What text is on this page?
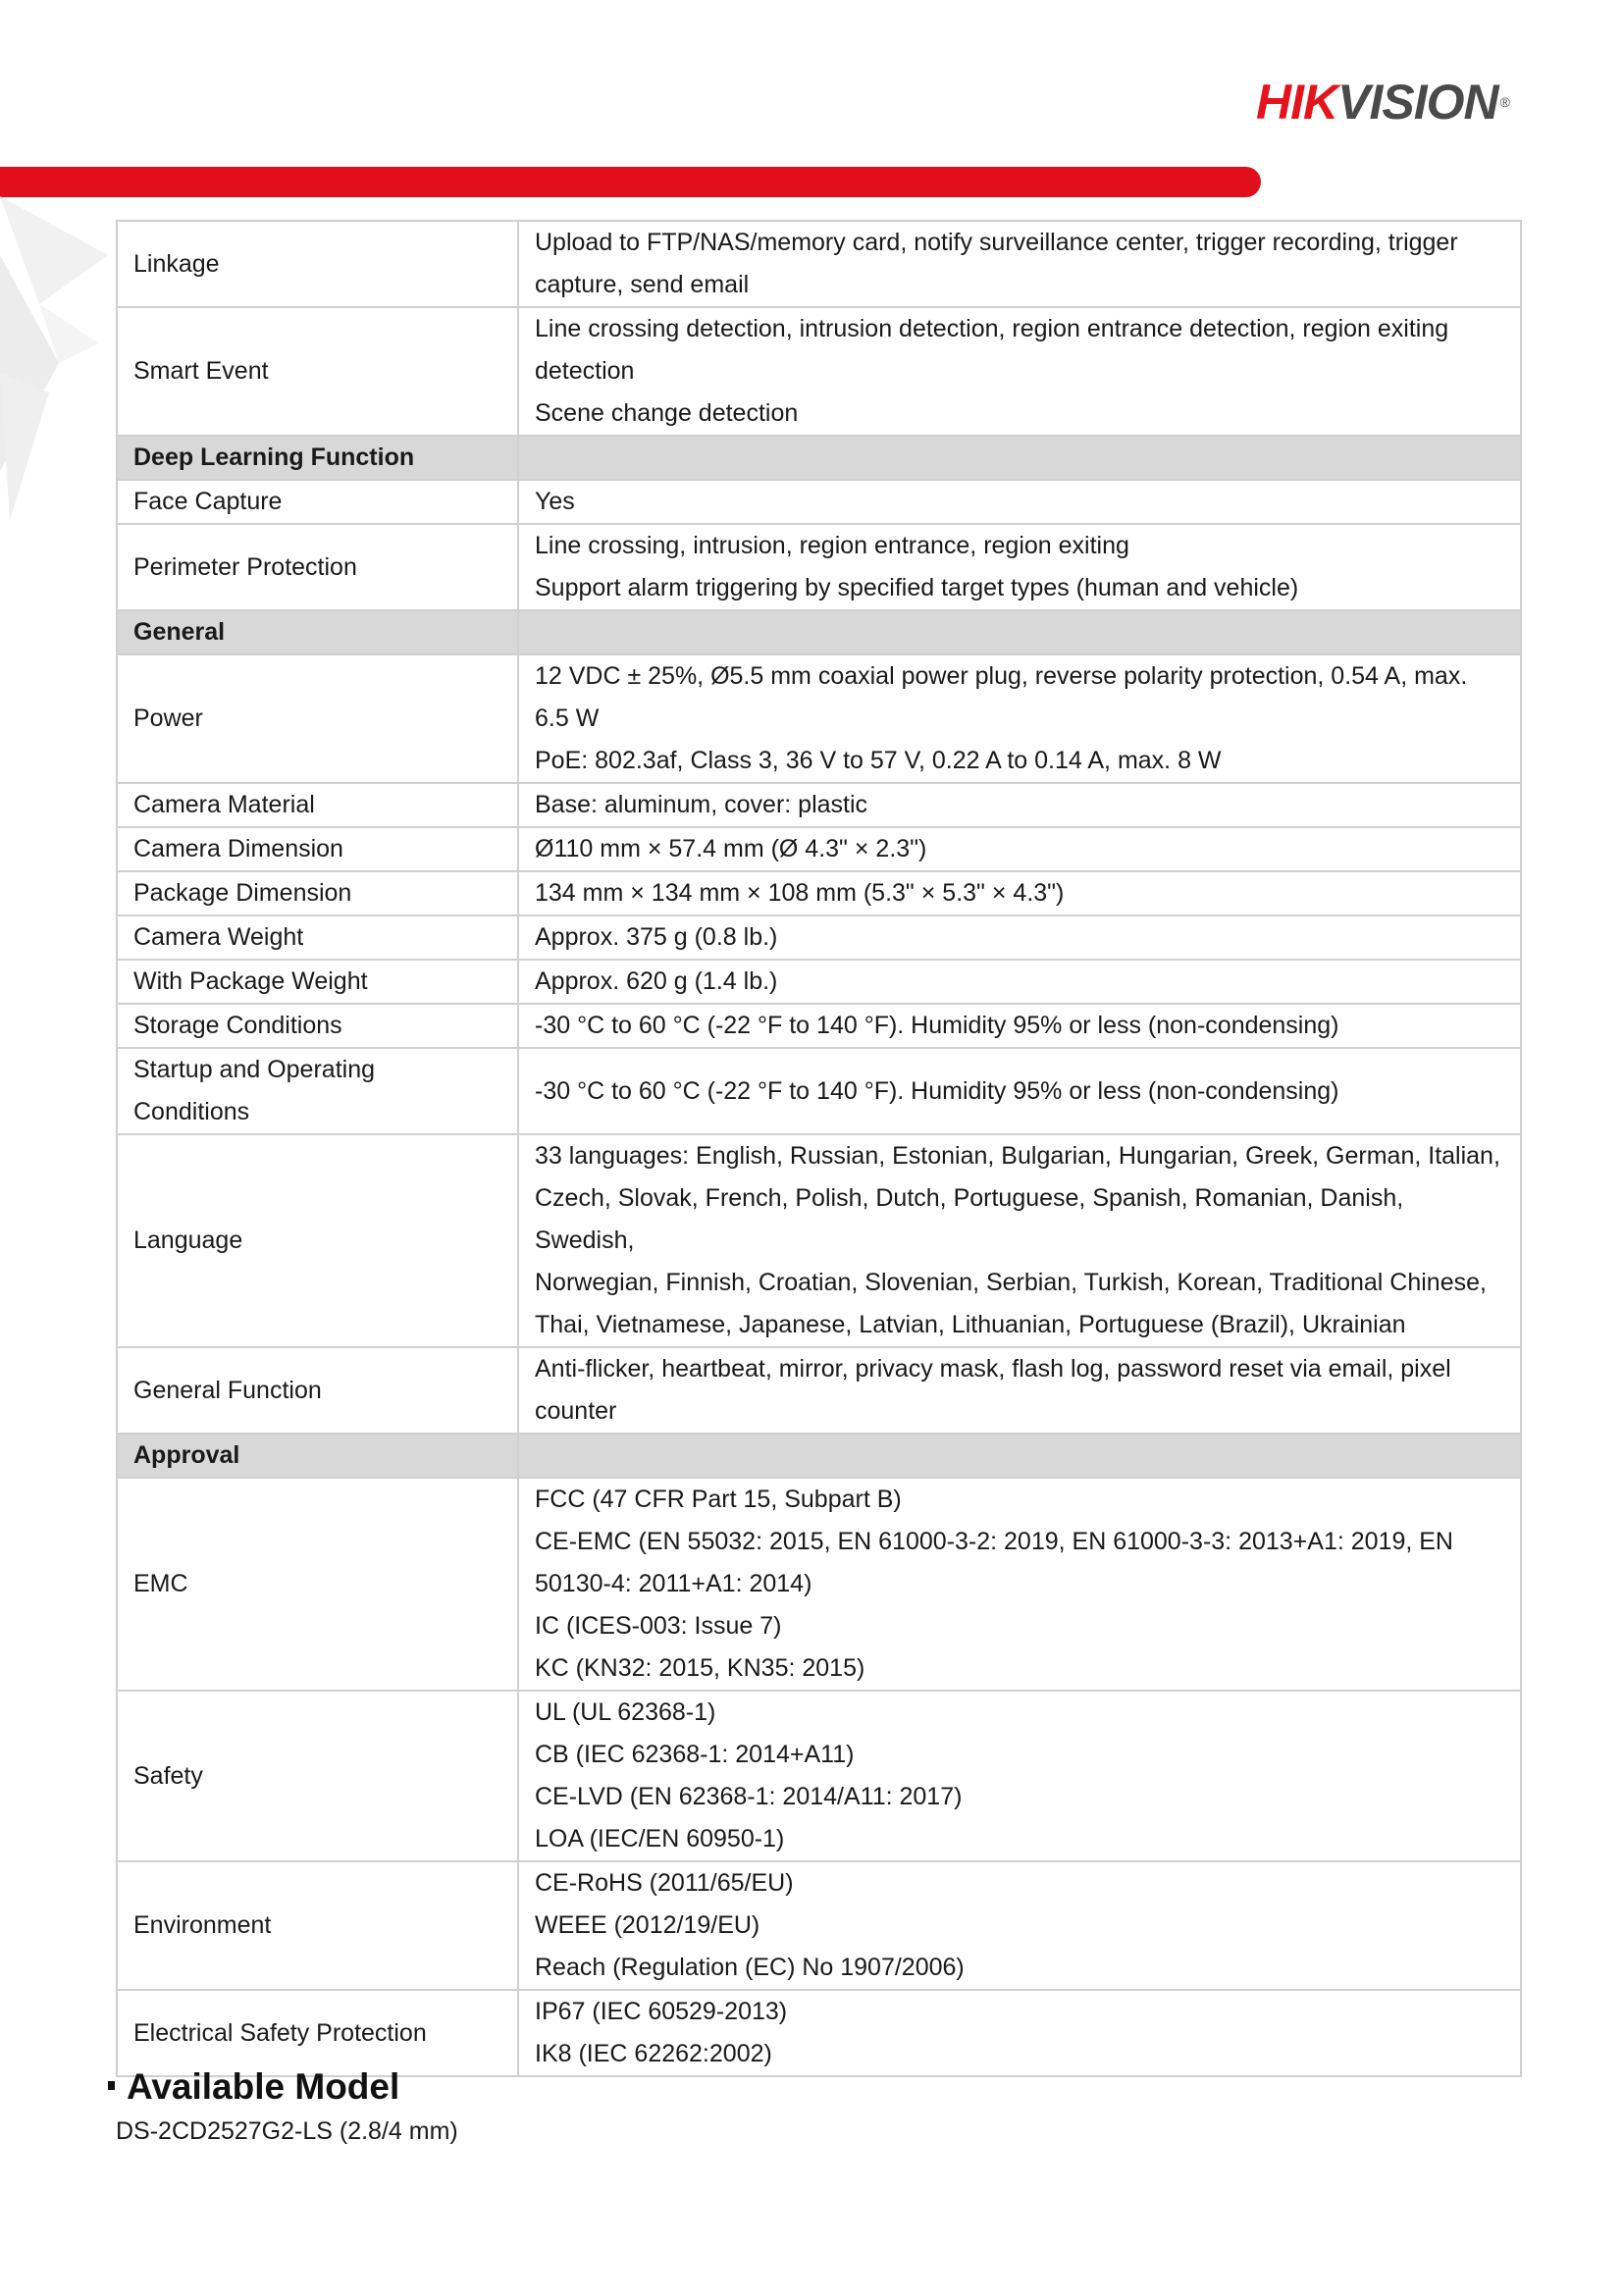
HIKVISION ®
Linkage	Upload to FTP/NAS/memory card, notify surveillance center, trigger recording, trigger
capture, send email

Smart Event	Line crossing detection, intrusion detection, region entrance detection, region exiting
detection
Scene change detection

Deep Learning Function	
Face Capture	Yes
Perimeter Protection	Line crossing, intrusion, region entrance, region exiting
Support alarm triggering by specified target types (human and vehicle)

General	
Power	12 VDC ± 25%, Ø5.5 mm coaxial power plug, reverse polarity protection, 0.54 A, max.
6.5 W
PoE: 802.3af, Class 3, 36 V to 57 V, 0.22 A to 0.14 A, max. 8 W

Camera Material	Base: aluminum, cover: plastic
Camera Dimension	Ø110 mm × 57.4 mm (Ø 4.3" × 2.3")
Package Dimension	134 mm × 134 mm × 108 mm (5.3" × 5.3" × 4.3")
Camera Weight	Approx. 375 g (0.8 lb.)
With Package Weight	Approx. 620 g (1.4 lb.)
Storage Conditions	-30 °C to 60 °C (-22 °F to 140 °F). Humidity 95% or less (non-condensing)

Startup and Operating
Conditions	-30 °C to 60 °C (-22 °F to 140 °F). Humidity 95% or less (non-condensing)
Language	33 languages: English, Russian, Estonian, Bulgarian, Hungarian, Greek, German, Italian,
Czech, Slovak, French, Polish, Dutch, Portuguese, Spanish, Romanian, Danish, Swedish,
Norwegian, Finnish, Croatian, Slovenian, Serbian, Turkish, Korean, Traditional Chinese,
Thai, Vietnamese, Japanese, Latvian, Lithuanian, Portuguese (Brazil), Ukrainian

General Function	Anti-flicker, heartbeat, mirror, privacy mask, flash log, password reset via email, pixel
counter

Approval	
EMC	FCC (47 CFR Part 15, Subpart B)
CE-EMC (EN 55032: 2015, EN 61000-3-2: 2019, EN 61000-3-3: 2013+A1: 2019, EN
50130-4: 2011+A1: 2014)
IC (ICES-003: Issue 7)
KC (KN32: 2015, KN35: 2015)

Safety	UL (UL 62368-1)
CB (IEC 62368-1: 2014+A11)
CE-LVD (EN 62368-1: 2014/A11: 2017)
LOA (IEC/EN 60950-1)

Environment	CE-RoHS (2011/65/EU)
WEEE (2012/19/EU)
Reach (Regulation (EC) No 1907/2006)

Electrical Safety Protection	IP67 (IEC 60529-2013)
IK8 (IEC 62262:2002)
Available Model
DS-2CD2527G2-LS (2.8/4 mm)
